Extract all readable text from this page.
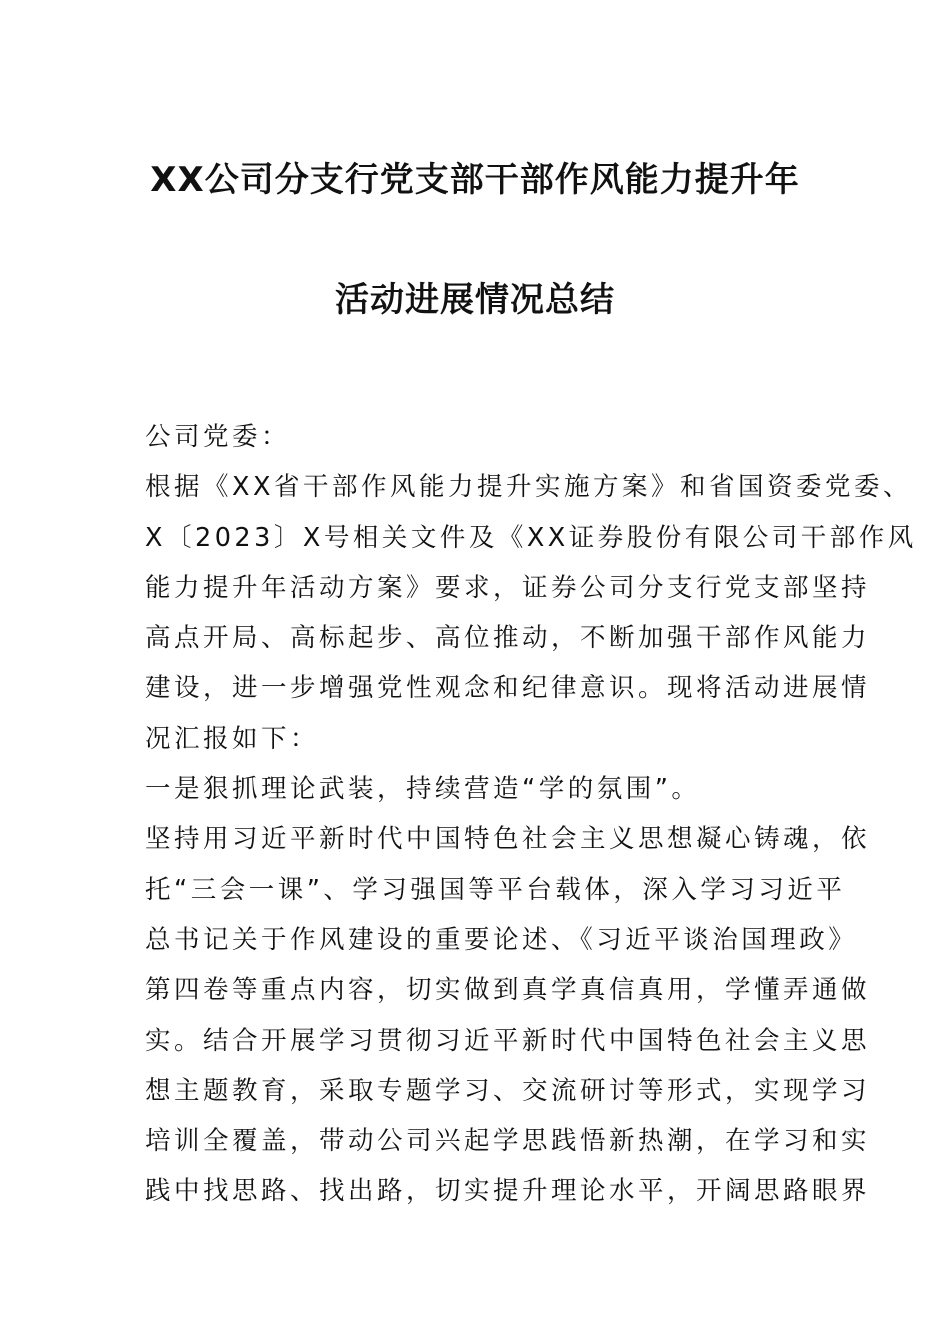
XX公司分支行党支部干部作风能力提升年
活动进展情况总结
公司党委：
根据《XX省干部作风能力提升实施方案》和省国资委党委、
X〔2023〕X号相关文件及《XX证券股份有限公司干部作风
能力提升年活动方案》要求，证券公司分支行党支部坚持
高点开局、高标起步、高位推动，不断加强干部作风能力
建设，进一步增强党性观念和纪律意识。现将活动进展情
况汇报如下：
一是狠抓理论武装，持续营造“学的氛围”。
坚持用习近平新时代中国特色社会主义思想凝心铸魂，依
托“三会一课”、学习强国等平台载体，深入学习习近平
总书记关于作风建设的重要论述、《习近平谈治国理政》
第四卷等重点内容，切实做到真学真信真用，学懂弄通做
实。结合开展学习贯彻习近平新时代中国特色社会主义思
想主题教育，采取专题学习、交流研讨等形式，实现学习
培训全覆盖，带动公司兴起学思践悟新热潮，在学习和实
践中找思路、找出路，切实提升理论水平，开阔思路眼界
